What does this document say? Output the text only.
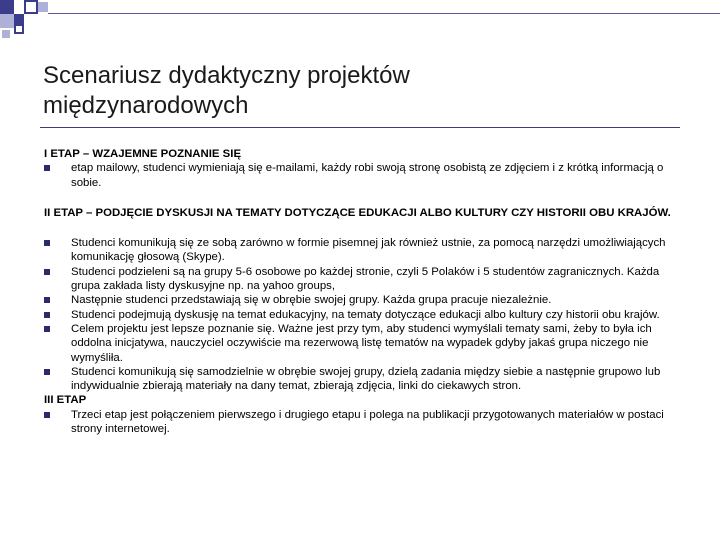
Scenariusz dydaktyczny projektów
międzynarodowych

I ETAP – WZAJEMNE POZNANIE SIĘ

etap mailowy, studenci wymieniają się e-mailami, każdy robi swoją stronę osobistą ze zdjęciem i z krótką informacją o sobie.

II ETAP – PODJĘCIE DYSKUSJI NA TEMATY DOTYCZĄCE EDUKACJI ALBO KULTURY CZY HISTORII OBU KRAJÓW.

Studenci komunikują się ze sobą zarówno w formie pisemnej jak również ustnie, za pomocą narzędzi umożliwiających komunikację głosową (Skype).
Studenci podzieleni są na grupy 5-6 osobowe po każdej stronie, czyli 5 Polaków i 5 studentów zagranicznych. Każda grupa zakłada listy dyskusyjne np. na yahoo groups,
Następnie studenci przedstawiają się w obrębie swojej grupy. Każda grupa pracuje niezależnie.
Studenci podejmują dyskusję na temat edukacyjny, na tematy dotyczące edukacji albo kultury czy historii obu krajów.
Celem projektu jest lepsze poznanie się. Ważne jest przy tym, aby studenci wymyślali tematy sami, żeby to była ich oddolna inicjatywa, nauczyciel oczywiście ma rezerwową listę tematów na wypadek gdyby jakaś grupa niczego nie wymyśliła.
Studenci komunikują się samodzielnie w obrębie swojej grupy, dzielą zadania między siebie a następnie grupowo lub indywidualnie zbierają materiały na dany temat, zbierają zdjęcia, linki do ciekawych stron.

III ETAP

Trzeci etap jest połączeniem pierwszego i drugiego etapu i polega na publikacji przygotowanych materiałów w postaci strony internetowej.
